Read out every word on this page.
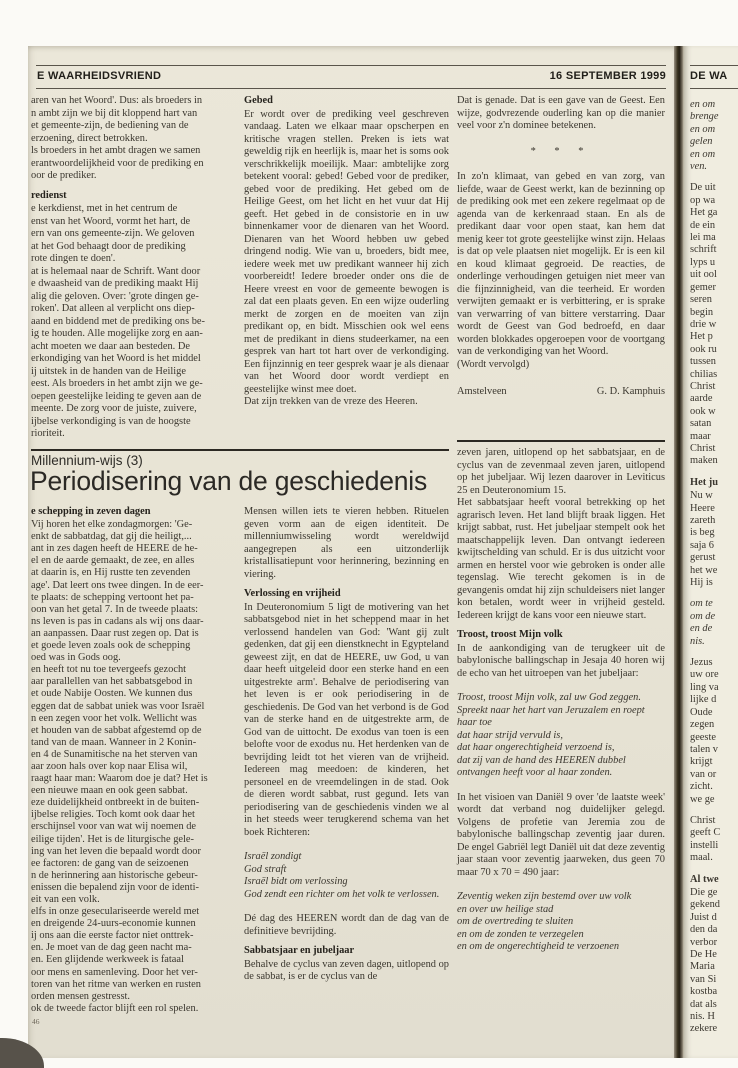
E WAARHEIDSVRIEND	16 SEPTEMBER 1999
aren van het Woord'. Dus: als broeders in
n ambt zijn we bij dit kloppend hart van
et gemeente-zijn, de bediening van de
erzoening, direct betrokken.
ls broeders in het ambt dragen we samen
erantwoordelijkheid voor de prediking en
oor de prediker.
redienst
e kerkdienst, met in het centrum de
enst van het Woord, vormt het hart, de
ern van ons gemeente-zijn. We geloven
at het God behaagt door de prediking
rote dingen te doen'.
at is helemaal naar de Schrift. Want door
e dwaasheid van de prediking maakt Hij
alig die geloven. Over: 'grote dingen ge-
roken'. Dat alleen al verplicht ons diep-
aand en biddend met de prediking ons be-
ig te houden. Alle mogelijke zorg en aan-
acht moeten we daar aan besteden. De
erkondiging van het Woord is het middel
ij uitstek in de handen van de Heilige
eest. Als broeders in het ambt zijn we ge-
oepen geestelijke leiding te geven aan de
meente. De zorg voor de juiste, zuivere,
ijbelse verkondiging is van de hoogste
rioriteit.
Gebed

Er wordt over de prediking veel geschreven vandaag. Laten we elkaar maar opscherpen en kritische vragen stellen. Preken is iets wat geweldig rijk en heerlijk is, maar het is soms ook verschrikkelijk moeilijk. Maar: ambtelijke zorg betekent vooral: gebed! Gebed voor de prediker, gebed voor de prediking. Het gebed om de Heilige Geest, om het licht en het vuur dat Hij geeft. Het gebed in de consistorie en in uw binnenkamer voor de dienaren van het Woord. Dienaren van het Woord hebben uw gebed dringend nodig. Wie van u, broeders, bidt mee, iedere week met uw predikant wanneer hij zich voorbereidt! Iedere broeder onder ons die de Heere vreest en voor de gemeente bewogen is zal dat een plaats geven. En een wijze ouderling merkt de zorgen en de moeiten van zijn predikant op, en bidt. Misschien ook wel eens met de predikant in diens studeerkamer, na een gesprek van hart tot hart over de verkondiging. Een fijnzinnig en teer gesprek waar je als dienaar van het Woord door wordt verdiept en geestelijke winst mee doet.

Dat zijn trekken van de vreze des Heeren.

Dat is genade. Dat is een gave van de Geest. Een wijze, godvrezende ouderling kan op die manier veel voor z'n dominee betekenen.

* * *

In zo'n klimaat, van gebed en van zorg, van liefde, waar de Geest werkt, kan de bezinning op de prediking ook met een zekere regelmaat op de agenda van de kerkenraad staan. En als de predikant daar voor open staat, kan hem dat menig keer tot grote geestelijke winst zijn. Helaas is dat op vele plaatsen niet mogelijk. Er is een kil en koud klimaat gegroeid. De reacties, de onderlinge verhoudingen getuigen niet meer van die fijnzinnigheid, van die teerheid. Er worden verwijten gemaakt er is verbittering, er is sprake van verwarring of van bittere verstarring. Daar wordt de Geest van God bedroefd, en daar worden blokkades opgeroepen voor de voortgang van de verkondiging van het Woord.

(Wordt vervolgd)

Amstelveen	G. D. Kamphuis
Millennium-wijs (3)
Periodisering van de geschiedenis
e schepping in zeven dagen
Vij horen het elke zondagmorgen: 'Ge-
enkt de sabbatdag, dat gij die heiligt,...
ant in zes dagen heeft de HEERE de he-
el en de aarde gemaakt, de zee, en alles
at daarin is, en Hij rustte ten zevenden
age'. Dat leert ons twee dingen. In de eer-
te plaats: de schepping vertoont het pa-
oon van het getal 7. In de tweede plaats:
ns leven is pas in cadans als wij ons daar-
an aanpassen. Daar rust zegen op. Dat is
et goede leven zoals ook de schepping
oed was in Gods oog.
en heeft tot nu toe tevergeefs gezocht
aar parallellen van het sabbatsgebod in
et oude Nabije Oosten. We kunnen dus
eggen dat de sabbat uniek was voor Israël
n een zegen voor het volk. Wellicht was
et houden van de sabbat afgestemd op de
tand van de maan. Wanneer in 2 Konin-
en 4 de Sunamitische na het sterven van
aar zoon hals over kop naar Elisa wil,
raagt haar man: Waarom doe je dat? Het is
een nieuwe maan en ook geen sabbat.
eze duidelijkheid ontbreekt in de buiten-
ijbelse religies. Toch komt ook daar het
erschijnsel voor van wat wij noemen de
eilige tijden'. Het is de liturgische gele-
ing van het leven die bepaald wordt door
ee factoren: de gang van de seizoenen
n de herinnering aan historische gebeur-
enissen die bepalend zijn voor de identi-
eit van een volk.
elfs in onze geseculariseerde wereld met
en dreigende 24-uurs-economie kunnen
ij ons aan die eerste factor niet onttrek-
en. Je moet van de dag geen nacht ma-
en. Een glijdende werkweek is fataal
oor mens en samenleving. Door het ver-
toren van het ritme van werken en rusten
orden mensen gestresst.
ok de tweede factor blijft een rol spelen.

Mensen willen iets te vieren hebben. Rituelen geven vorm aan de eigen identiteit. De millenniumwisseling wordt wereldwijd aangegrepen als een uitzonderlijk kristallisatiepunt voor herinnering, bezinning en viering.

Verlossing en vrijheid

In Deuteronomium 5 ligt de motivering van het sabbatsgebod niet in het scheppend maar in het verlossend handelen van God: 'Want gij zult gedenken, dat gij een dienstknecht in Egypteland geweest zijt, en dat de HEERE, uw God, u van daar heeft uitgeleid door een sterke hand en een uitgestrekte arm'. Behalve de periodisering van het leven is er ook periodisering in de geschiedenis. De God van het verbond is de God van de sterke hand en de uitgestrekte arm, de God van de uittocht. De exodus van toen is een belofte voor de exodus nu. Het herdenken van de bevrijding leidt tot het vieren van de vrijheid. Iedereen mag meedoen: de kinderen, het personeel en de vreemdelingen in de stad. Ook de dieren wordt sabbat, rust gegund. Iets van periodisering van de geschiedenis vinden we al in het steeds weer terugkerend schema van het boek Richteren:

Israël zondigt
God straft
Israël bidt om verlossing
God zendt een richter om het volk te verlossen.

Dé dag des HEEREN wordt dan de dag van de definitieve bevrijding.

Sabbatsjaar en jubeljaar

Behalve de cyclus van zeven dagen, uitlopend op de sabbat, is er de cyclus van de

zeven jaren, uitlopend op het sabbatsjaar, en de cyclus van de zevenmaal zeven jaren, uitlopend op het jubeljaar. Wij lezen daarover in Leviticus 25 en Deuteronomium 15.

Het sabbatsjaar heeft vooral betrekking op het agrarisch leven. Het land blijft braak liggen. Het krijgt sabbat, rust. Het jubeljaar stempelt ook het maatschappelijk leven. Dan ontvangt iedereen kwijtschelding van schuld. Er is dus uitzicht voor armen en herstel voor wie gebroken is onder alle tegenslag. Wie terecht gekomen is in de gevangenis omdat hij zijn schuldeisers niet langer kon betalen, wordt weer in vrijheid gesteld. Iedereen krijgt de kans voor een nieuwe start.

Troost, troost Mijn volk

In de aankondiging van de terugkeer uit de babylonische ballingschap in Jesaja 40 horen wij de echo van het uitroepen van het jubeljaar:

Troost, troost Mijn volk, zal uw God zeggen.
Spreekt naar het hart van Jeruzalem en roept haar toe
dat haar strijd vervuld is,
dat haar ongerechtigheid verzoend is,
dat zij van de hand des HEEREN dubbel ontvangen heeft voor al haar zonden.

In het visioen van Daniël 9 over 'de laatste week' wordt dat verband nog duidelijker gelegd. Volgens de profetie van Jeremia zou de babylonische ballingschap zeventig jaar duren. De engel Gabriël legt Daniël uit dat deze zeventig jaar staan voor zeventig jaarweken, dus geen 70 maar 70 x 70 = 490 jaar:

Zeventig weken zijn bestemd over uw volk
en over uw heilige stad
om de overtreding te sluiten
en om de zonden te verzegelen
en om de ongerechtigheid te verzoenen
DE WA
en om
brenge
en om
gelen
en om
ven.
De uit
op wa
Het ga
de ein
lei ma
schrift
lyps u
uit ool
gemer
seren
begin
drie w
Het p
ook ru
tussen
chilias
Christ
aarde
ook w
satan
maar
Christ
maken
Het ju
Nu w
Heere
zareth
is beg
saja 6
gerust
het we
Hij is
om te
om de
en de
nis.
Jezus
uw ore
ling va
lijke d
Oude
zegen
geeste
talen v
krijgt
van or
zicht.
we ge
Christ
geeft C
instelli
maal.
Al twe
Die ge
gekend
Juist d
den da
verbor
De He
Maria
van Si
kostba
dat als
nis. H
zekere
46
